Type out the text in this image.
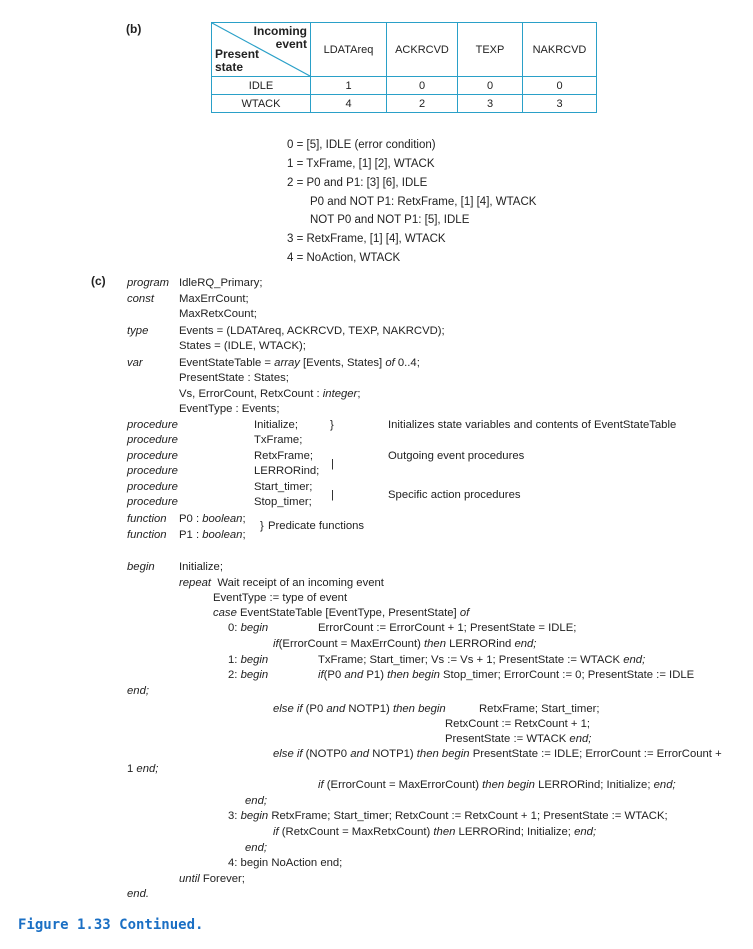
(b)	Incoming
event
Present
state	LDATAreq	ACKRCVD	TEXP	NAKRCVD
IDLE	1	0	0	0
WTACK	4	2	3	3
0 = [5], IDLE (error condition)
1 = TxFrame, [1] [2], WTACK
2 = P0 and P1: [3] [6], IDLE
P0 and NOT P1: RetxFrame, [1] [4], WTACK
NOT P0 and NOT P1: [5], IDLE
3 = RetxFrame, [1] [4], WTACK
4 = NoAction, WTACK
(c) program IdleRQ_Primary;
const MaxErrCount;
MaxRetxCount;
type	Events = (LDATAreq, ACKRCVD, TEXP, NAKRCVD);
States = (IDLE, WTACK);
var	EventStateTable = array [Events, States] of 0..4;
PresentState : States;
Vs, ErrorCount, RetxCount : integer;
EventType : Events;
procedure	Initialize;
procedure	TxFrame;
procedure	RetxFrame;
procedure	LERRORind;
procedure	Start_timer;
procedure	Stop_timer;
function P0 : boolean;
function P1 : boolean;
}	Initializes state variables and contents of EventStateTable
|
Outgoing event procedures
|	Specific action procedures
} Predicate functions
begin Initialize;
repeat Wait receipt of an incoming event
EventType := type of event
case EventStateTable [EventType, PresentState] of
0: begin	ErrorCount := ErrorCount + 1; PresentState = IDLE;
if(ErrorCount = MaxErrCount) then LERRORind end;
1: begin	TxFrame; Start_timer; Vs := Vs + 1; PresentState := WTACK end;
2: begin	if(P0 and P1) then begin Stop_timer; ErrorCount := 0; PresentState := IDLE
end;
else if (P0 and NOTP1) then begin	RetxFrame; Start_timer;
RetxCount := RetxCount + 1;
PresentState := WTACK end;
else if (NOTP0 and NOTP1) then begin PresentState := IDLE; ErrorCount := ErrorCount +
1 end;
if (ErrorCount = MaxErrorCount) then begin LERRORind; Initialize; end;
end;
3: begin RetxFrame; Start_timer; RetxCount := RetxCount + 1; PresentState := WTACK;
if (RetxCount = MaxRetxCount) then LERRORind; Initialize; end;
end;
4: begin NoAction end;
until Forever;
end.
Figure 1.33 Continued.
